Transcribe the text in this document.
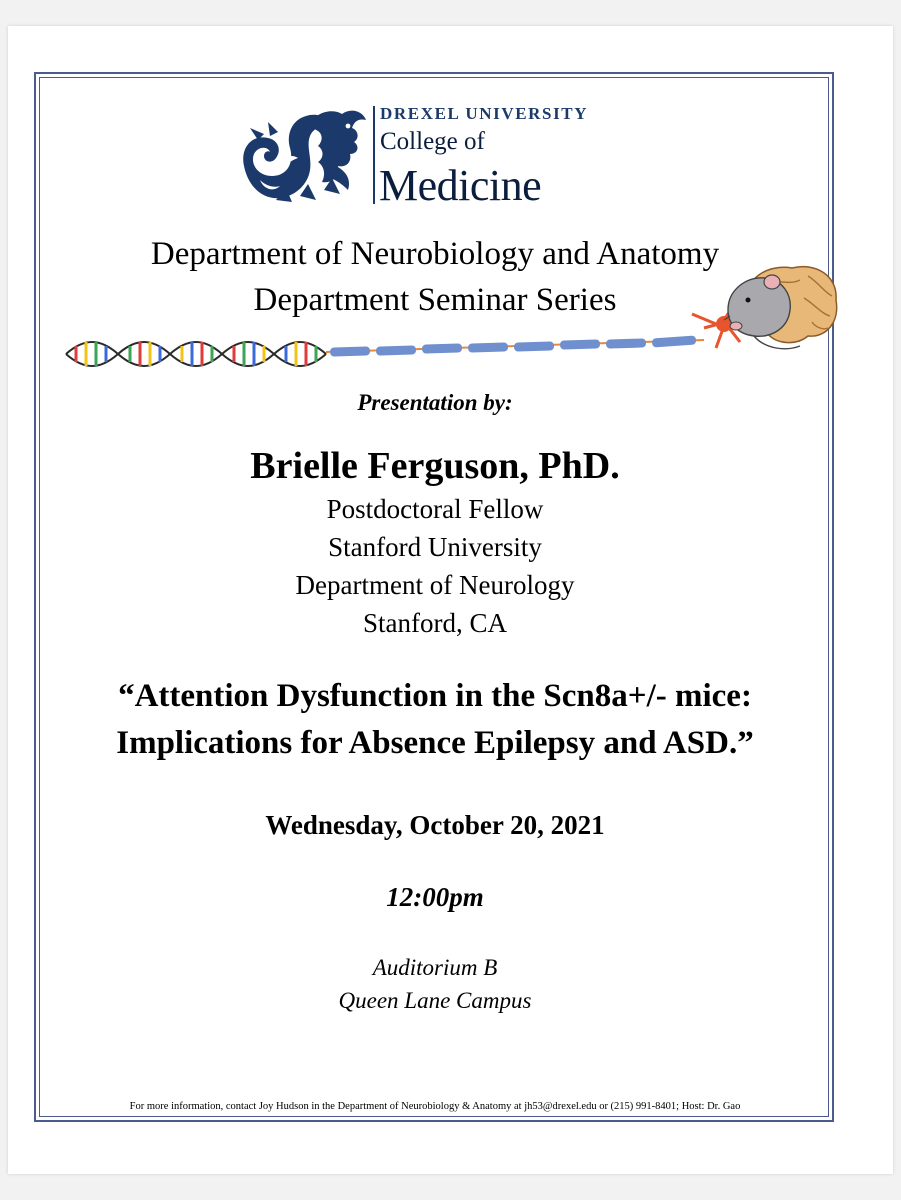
DREXEL UNIVERSITY
College of
Medicine
Department of Neurobiology and Anatomy
Department Seminar Series
Presentation by:
Brielle Ferguson, PhD.
Postdoctoral Fellow
Stanford University
Department of Neurology
Stanford, CA
“Attention Dysfunction in the Scn8a+/- mice:
Implications for Absence Epilepsy and ASD.”
Wednesday, October 20, 2021
12:00pm
Auditorium B
Queen Lane Campus
For more information, contact Joy Hudson in the Department of Neurobiology & Anatomy at jh53@drexel.edu or (215) 991-8401; Host: Dr. Gao
